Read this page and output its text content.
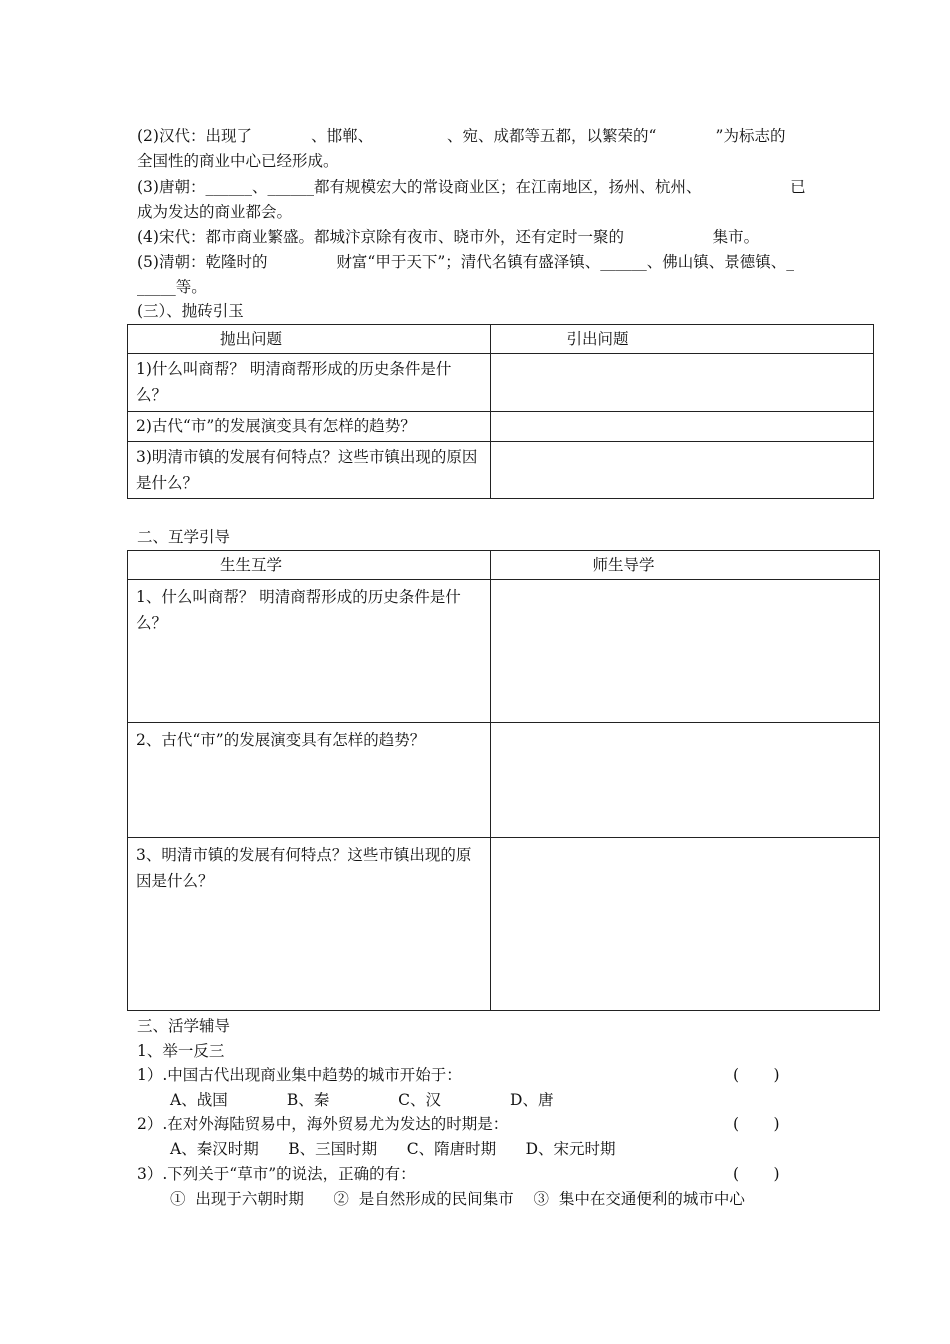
(2)汉代：出现了            、邯郸、               、宛、成都等五都，以繁荣的“            ”为标志的
全国性的商业中心已经形成。
(3)唐朝：______、______都有规模宏大的常设商业区；在江南地区，扬州、杭州、                  已
成为发达的商业都会。
(4)宋代：都市商业繁盛。都城汴京除有夜市、晓市外，还有定时一聚的                  集市。
(5)清朝：乾隆时的              财富“甲于天下”；清代名镇有盛泽镇、______、佛山镇、景德镇、_
_____等。
(三）、抛砖引玉
抛出问题	引出问题
1)什么叫商帮？ 明清商帮形成的历史条件是什么？	
2)古代“市”的发展演变具有怎样的趋势？	
3)明清市镇的发展有何特点？这些市镇出现的原因是什么？	
二、互学引导
生生互学	师生导学
1、什么叫商帮？ 明清商帮形成的历史条件是什么？	
2、古代“市”的发展演变具有怎样的趋势？	
3、明清市镇的发展有何特点？这些市镇出现的原因是什么？	
三、活学辅导
1、举一反三
1）.中国古代出现商业集中趋势的城市开始于：	(       )
A、战国            B、秦              C、汉              D、唐
2）.在对外海陆贸易中，海外贸易尤为发达的时期是：	(       )
A、秦汉时期      B、三国时期      C、隋唐时期      D、宋元时期
3）.下列关于“草市”的说法，正确的有：	(       )
①  出现于六朝时期      ②  是自然形成的民间集市    ③  集中在交通便利的城市中心
